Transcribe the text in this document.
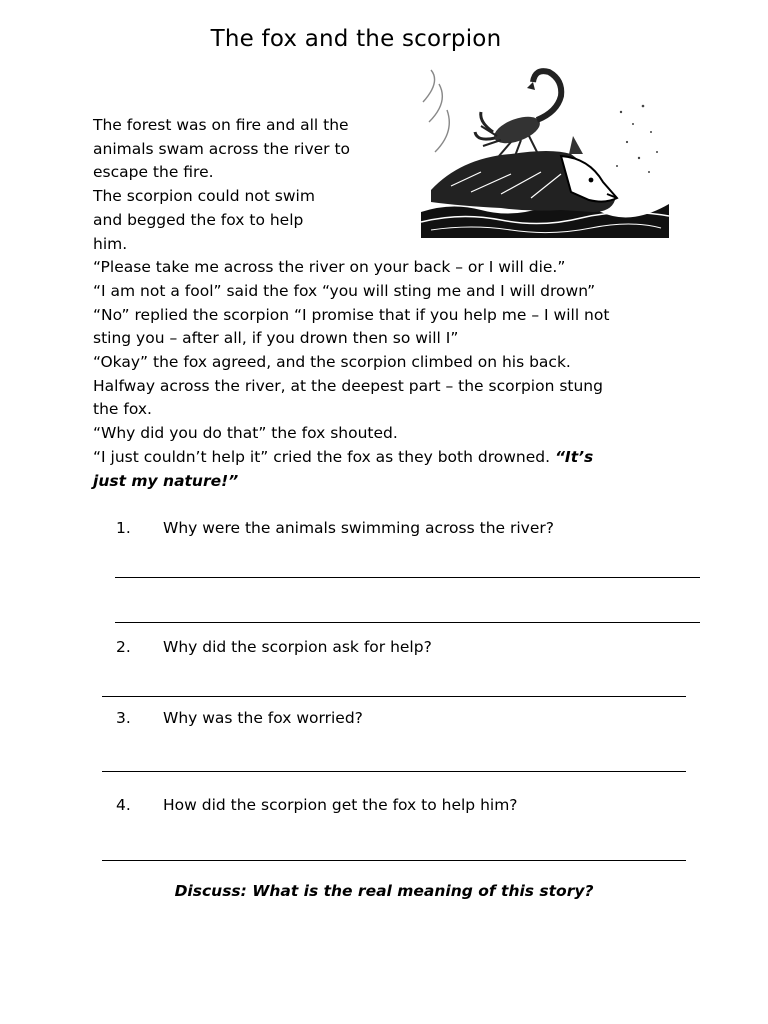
The fox and the scorpion

The forest was on fire and all the

animals swam across the river to

escape the fire.

The scorpion could not swim

and begged the fox to help

him.

“Please take me across the river on your back – or I will die.”

“I am not a fool” said the fox “you will sting me and I will drown”

“No” replied the scorpion “I promise that if you help me – I will not

sting you – after all, if you drown then so will I”

“Okay” the fox agreed, and the scorpion climbed on his back.

Halfway across the river, at the deepest part – the scorpion stung

the fox.

“Why did you do that” the fox shouted.

“I just couldn’t help it” cried the fox as they both drowned. “It’s

just my nature!”

1. Why were the animals swimming across the river?
2. Why did the scorpion ask for help?
3. Why was the fox worried?
4. How did the scorpion get the fox to help him?
Discuss: What is the real meaning of this story?
